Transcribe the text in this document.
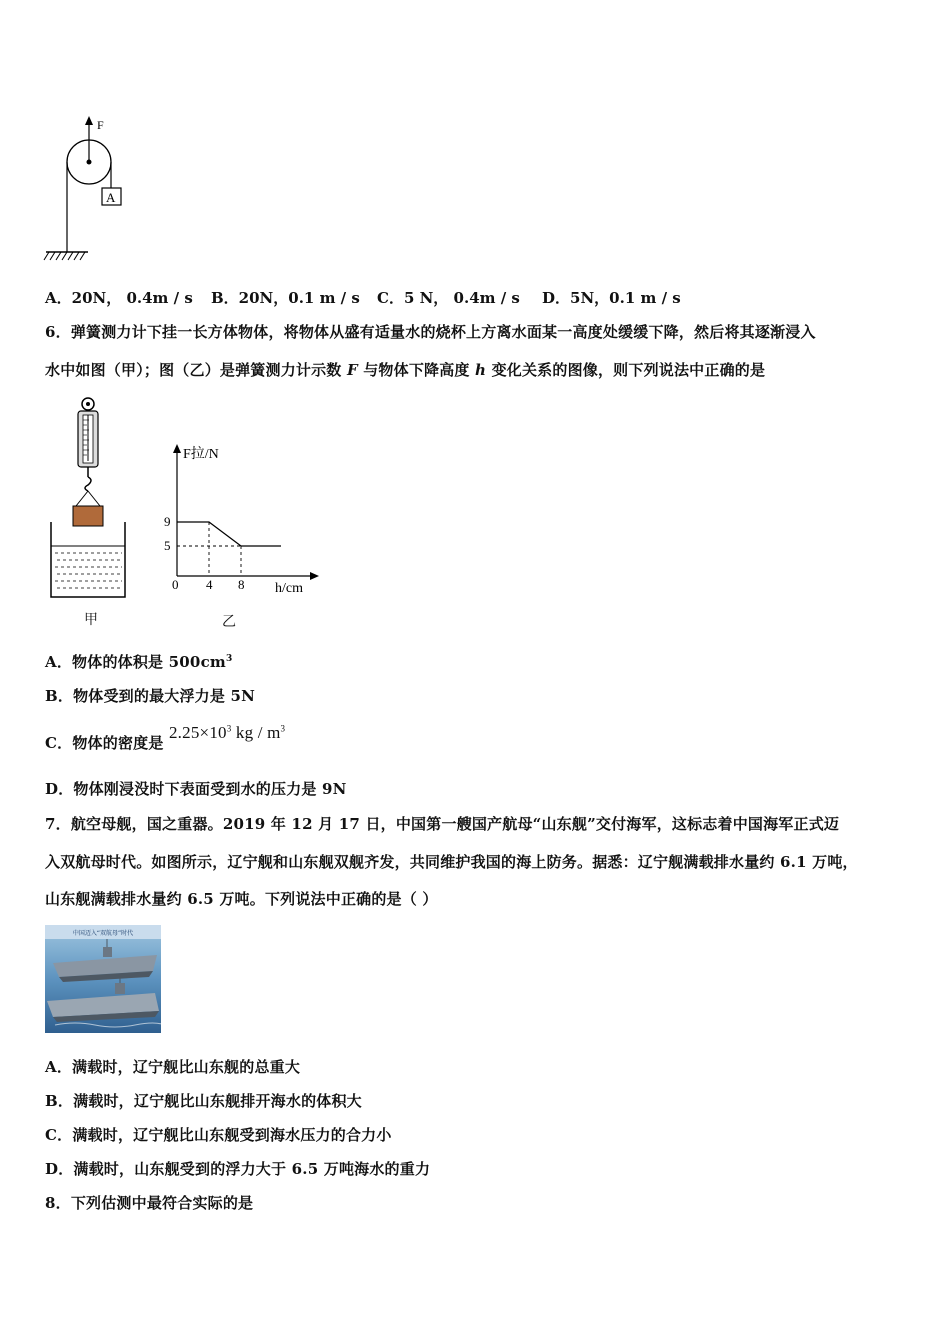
F
A
A．20N， 0.4m / s B．20N，0.1 m / s C．5 N， 0.4m / s D．5N，0.1 m / s
6．弹簧测力计下挂一长方体物体，将物体从盛有适量水的烧杯上方离水面某一高度处缓缓下降，然后将其逐渐浸入
水中如图（甲）；图（乙）是弹簧测力计示数 F 与物体下降高度 h 变化关系的图像，则下列说法中正确的是
甲
F拉/N
h/cm
0 4 8
9
5
乙
A．物体的体积是 $500cm^3$
B．物体受到的最大浮力是 5N
C．物体的密度是 $2.25\times 10^3$ kg / $m^3$
D．物体刚浸没时下表面受到水的压力是 9N
7．航空母舰，国之重器。2019 年 12 月 17 日，中国第一艘国产航母“山东舰”交付海军，这标志着中国海军正式迈
入双航母时代。如图所示，辽宁舰和山东舰双舰齐发，共同维护我国的海上防务。据悉：辽宁舰满载排水量约 6.1 万吨，
山东舰满载排水量约 6.5 万吨。下列说法中正确的是（ ）
中国迈入“双航母”时代
A．满载时，辽宁舰比山东舰的总重大
B．满载时，辽宁舰比山东舰排开海水的体积大
C．满载时，辽宁舰比山东舰受到海水压力的合力小
D．满载时，山东舰受到的浮力大于 6.5 万吨海水的重力
8．下列估测中最符合实际的是
